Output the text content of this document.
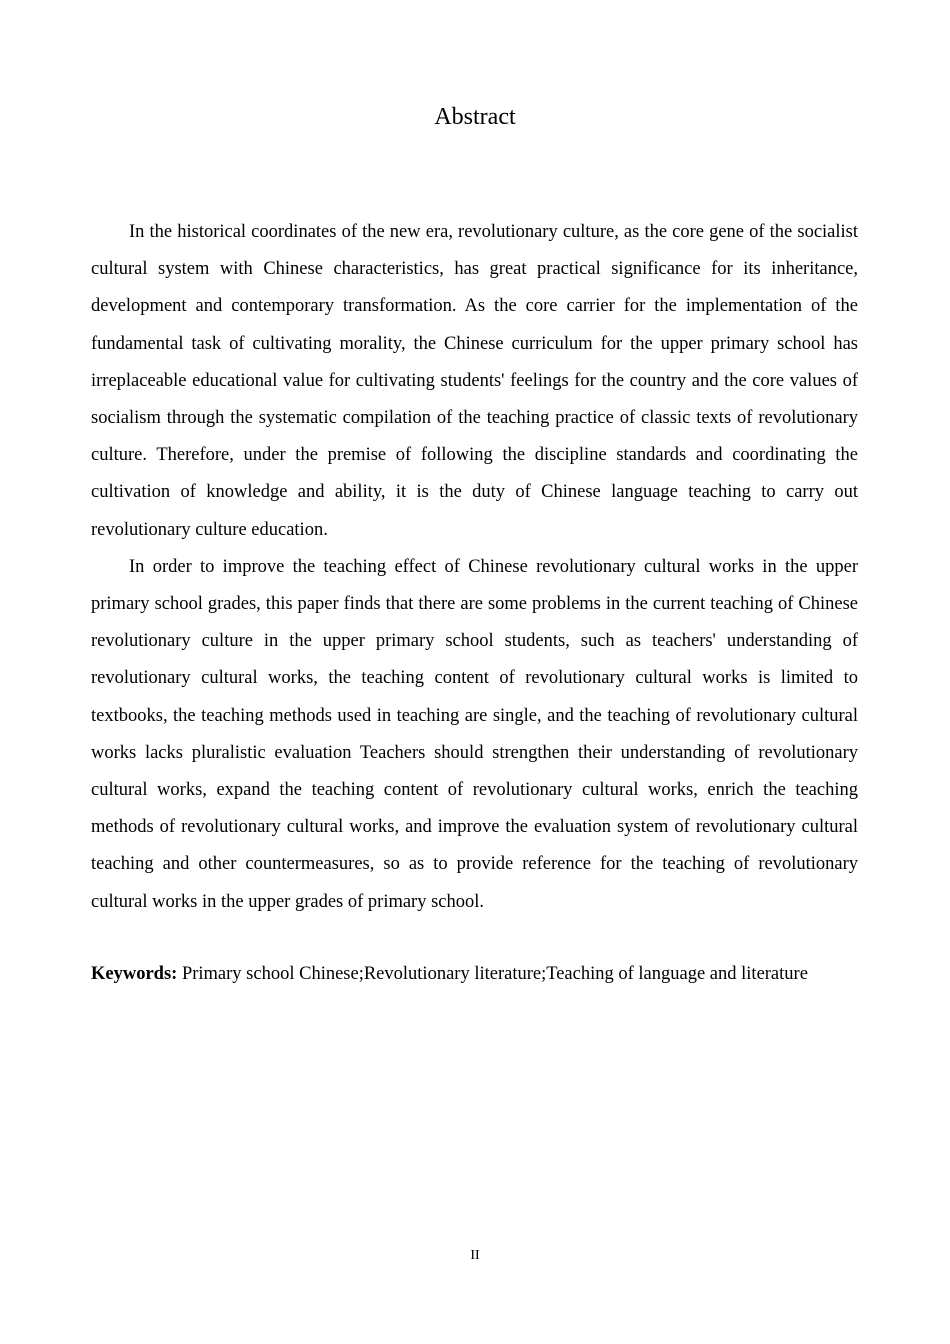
Abstract

In the historical coordinates of the new era, revolutionary culture, as the core gene of the socialist cultural system with Chinese characteristics, has great practical significance for its inheritance, development and contemporary transformation. As the core carrier for the implementation of the fundamental task of cultivating morality, the Chinese curriculum for the upper primary school has irreplaceable educational value for cultivating students' feelings for the country and the core values of socialism through the systematic compilation of the teaching practice of classic texts of revolutionary culture. Therefore, under the premise of following the discipline standards and coordinating the cultivation of knowledge and ability, it is the duty of Chinese language teaching to carry out revolutionary culture education.

In order to improve the teaching effect of Chinese revolutionary cultural works in the upper primary school grades, this paper finds that there are some problems in the current teaching of Chinese revolutionary culture in the upper primary school students, such as teachers' understanding of revolutionary cultural works, the teaching content of revolutionary cultural works is limited to textbooks, the teaching methods used in teaching are single, and the teaching of revolutionary cultural works lacks pluralistic evaluation Teachers should strengthen their understanding of revolutionary cultural works, expand the teaching content of revolutionary cultural works, enrich the teaching methods of revolutionary cultural works, and improve the evaluation system of revolutionary cultural teaching and other countermeasures, so as to provide reference for the teaching of revolutionary cultural works in the upper grades of primary school.

Keywords: Primary school Chinese;Revolutionary literature;Teaching of language and literature

II
